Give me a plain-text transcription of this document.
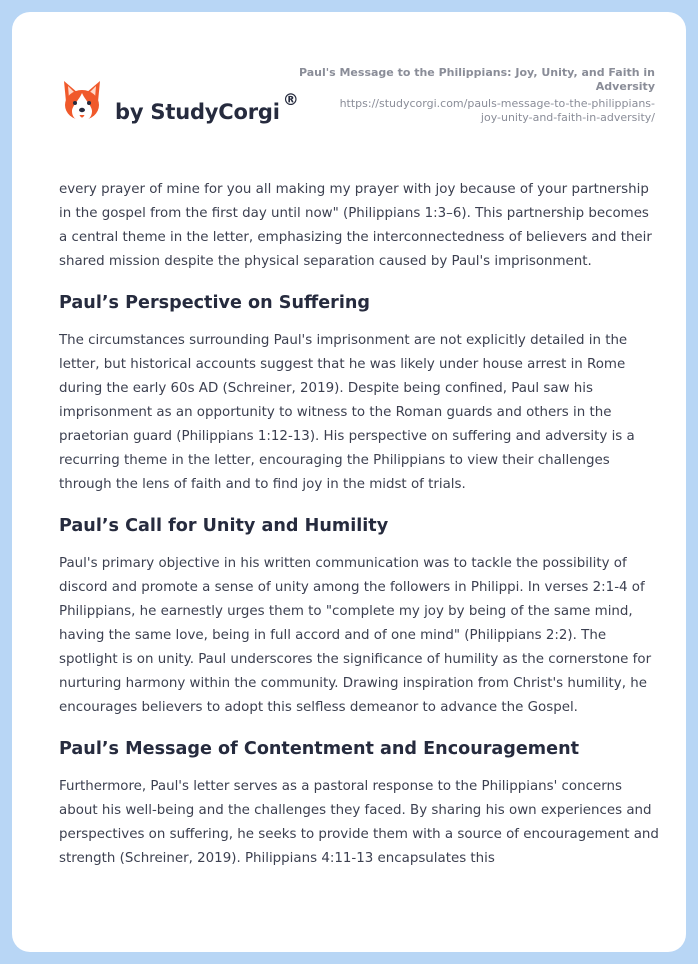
by StudyCorgi®
Paul's Message to the Philippians: Joy, Unity, and Faith in Adversity
https://studycorgi.com/pauls-message-to-the-philippians-
joy-unity-and-faith-in-adversity/

every prayer of mine for you all making my prayer with joy because of your partnership in the gospel from the first day until now" (Philippians 1:3–6). This partnership becomes a central theme in the letter, emphasizing the interconnectedness of believers and their shared mission despite the physical separation caused by Paul's imprisonment.

Paul’s Perspective on Suffering

The circumstances surrounding Paul's imprisonment are not explicitly detailed in the letter, but historical accounts suggest that he was likely under house arrest in Rome during the early 60s AD (Schreiner, 2019). Despite being confined, Paul saw his imprisonment as an opportunity to witness to the Roman guards and others in the praetorian guard (Philippians 1:12-13). His perspective on suffering and adversity is a recurring theme in the letter, encouraging the Philippians to view their challenges through the lens of faith and to find joy in the midst of trials.

Paul’s Call for Unity and Humility

Paul's primary objective in his written communication was to tackle the possibility of discord and promote a sense of unity among the followers in Philippi. In verses 2:1-4 of Philippians, he earnestly urges them to "complete my joy by being of the same mind, having the same love, being in full accord and of one mind" (Philippians 2:2). The spotlight is on unity. Paul underscores the significance of humility as the cornerstone for nurturing harmony within the community. Drawing inspiration from Christ's humility, he encourages believers to adopt this selfless demeanor to advance the Gospel.

Paul’s Message of Contentment and Encouragement

Furthermore, Paul's letter serves as a pastoral response to the Philippians' concerns about his well-being and the challenges they faced. By sharing his own experiences and perspectives on suffering, he seeks to provide them with a source of encouragement and strength (Schreiner, 2019). Philippians 4:11-13 encapsulates this
